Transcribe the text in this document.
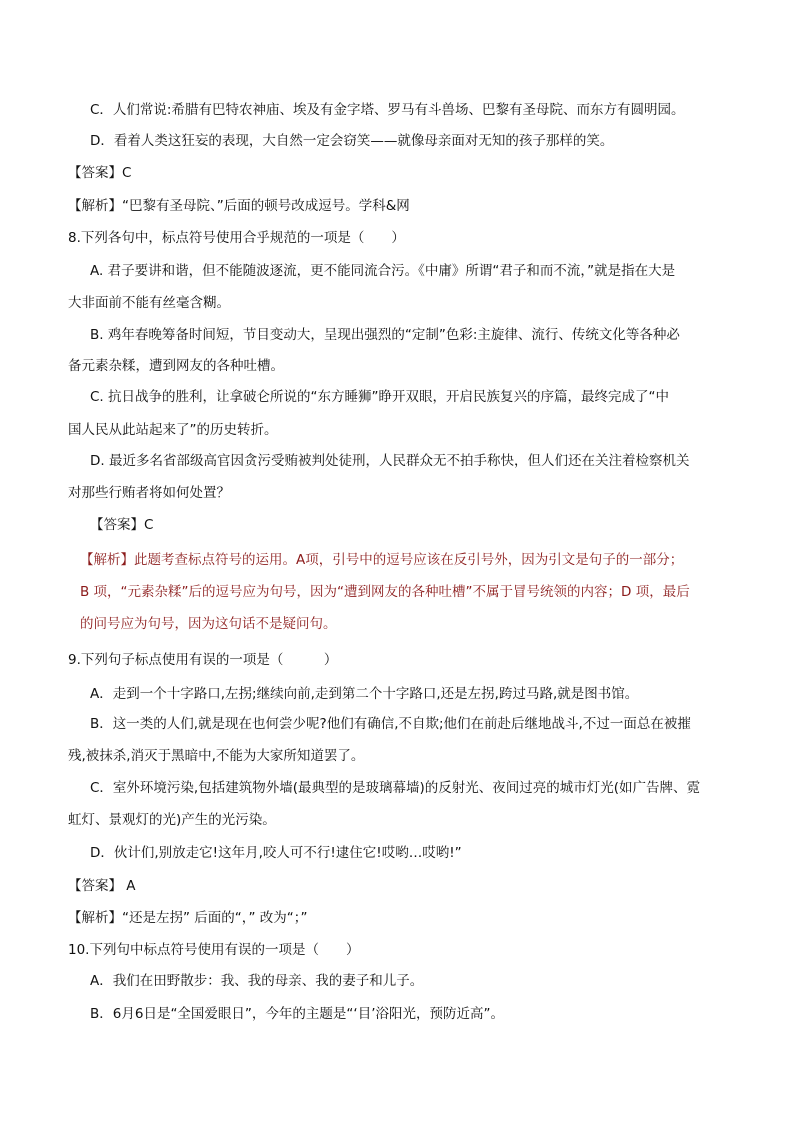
C．人们常说:希腊有巴特农神庙、埃及有金字塔、罗马有斗兽场、巴黎有圣母院、而东方有圆明园。
D．看着人类这狂妄的表现，大自然一定会窃笑——就像母亲面对无知的孩子那样的笑。
【答案】C
【解析】“巴黎有圣母院、”后面的顿号改成逗号。学科&网
8.下列各句中，标点符号使用合乎规范的一项是（　　）
A. 君子要讲和谐，但不能随波逐流，更不能同流合污。《中庸》所谓“君子和而不流，”就是指在大是
大非面前不能有丝毫含糊。
B. 鸡年春晚筹备时间短，节目变动大，呈现出强烈的“定制”色彩:主旋律、流行、传统文化等各种必
备元素杂糅，遭到网友的各种吐槽。
C. 抗日战争的胜利，让拿破仑所说的“东方睡狮”睁开双眼，开启民族复兴的序篇，最终完成了“中
国人民从此站起来了”的历史转折。
D. 最近多名省部级高官因贪污受贿被判处徒刑，人民群众无不拍手称快，但人们还在关注着检察机关
对那些行贿者将如何处置？
【答案】C
【解析】此题考查标点符号的运用。A项，引号中的逗号应该在反引号外，因为引文是句子的一部分；
B 项，“元素杂糅”后的逗号应为句号，因为“遭到网友的各种吐槽”不属于冒号统领的内容；D 项，最后
的问号应为句号，因为这句话不是疑问句。
9.下列句子标点使用有误的一项是（　　　）
A．走到一个十字路口,左拐;继续向前,走到第二个十字路口,还是左拐,跨过马路,就是图书馆。
B．这一类的人们,就是现在也何尝少呢?他们有确信,不自欺;他们在前赴后继地战斗,不过一面总在被摧
残,被抹杀,消灭于黑暗中,不能为大家所知道罢了。
C．室外环境污染,包括建筑物外墙(最典型的是玻璃幕墙)的反射光、夜间过亮的城市灯光(如广告牌、霓
虹灯、景观灯的光)产生的光污染。
D．伙计们,别放走它!这年月,咬人可不行!逮住它!哎哟…哎哟!”
【答案】 A
【解析】“还是左拐” 后面的“，” 改为“；”
10.下列句中标点符号使用有误的一项是（　　）
A．我们在田野散步：我、我的母亲、我的妻子和儿子。
B．6月6日是“全国爱眼日”，今年的主题是“‘目’浴阳光，预防近高”。
